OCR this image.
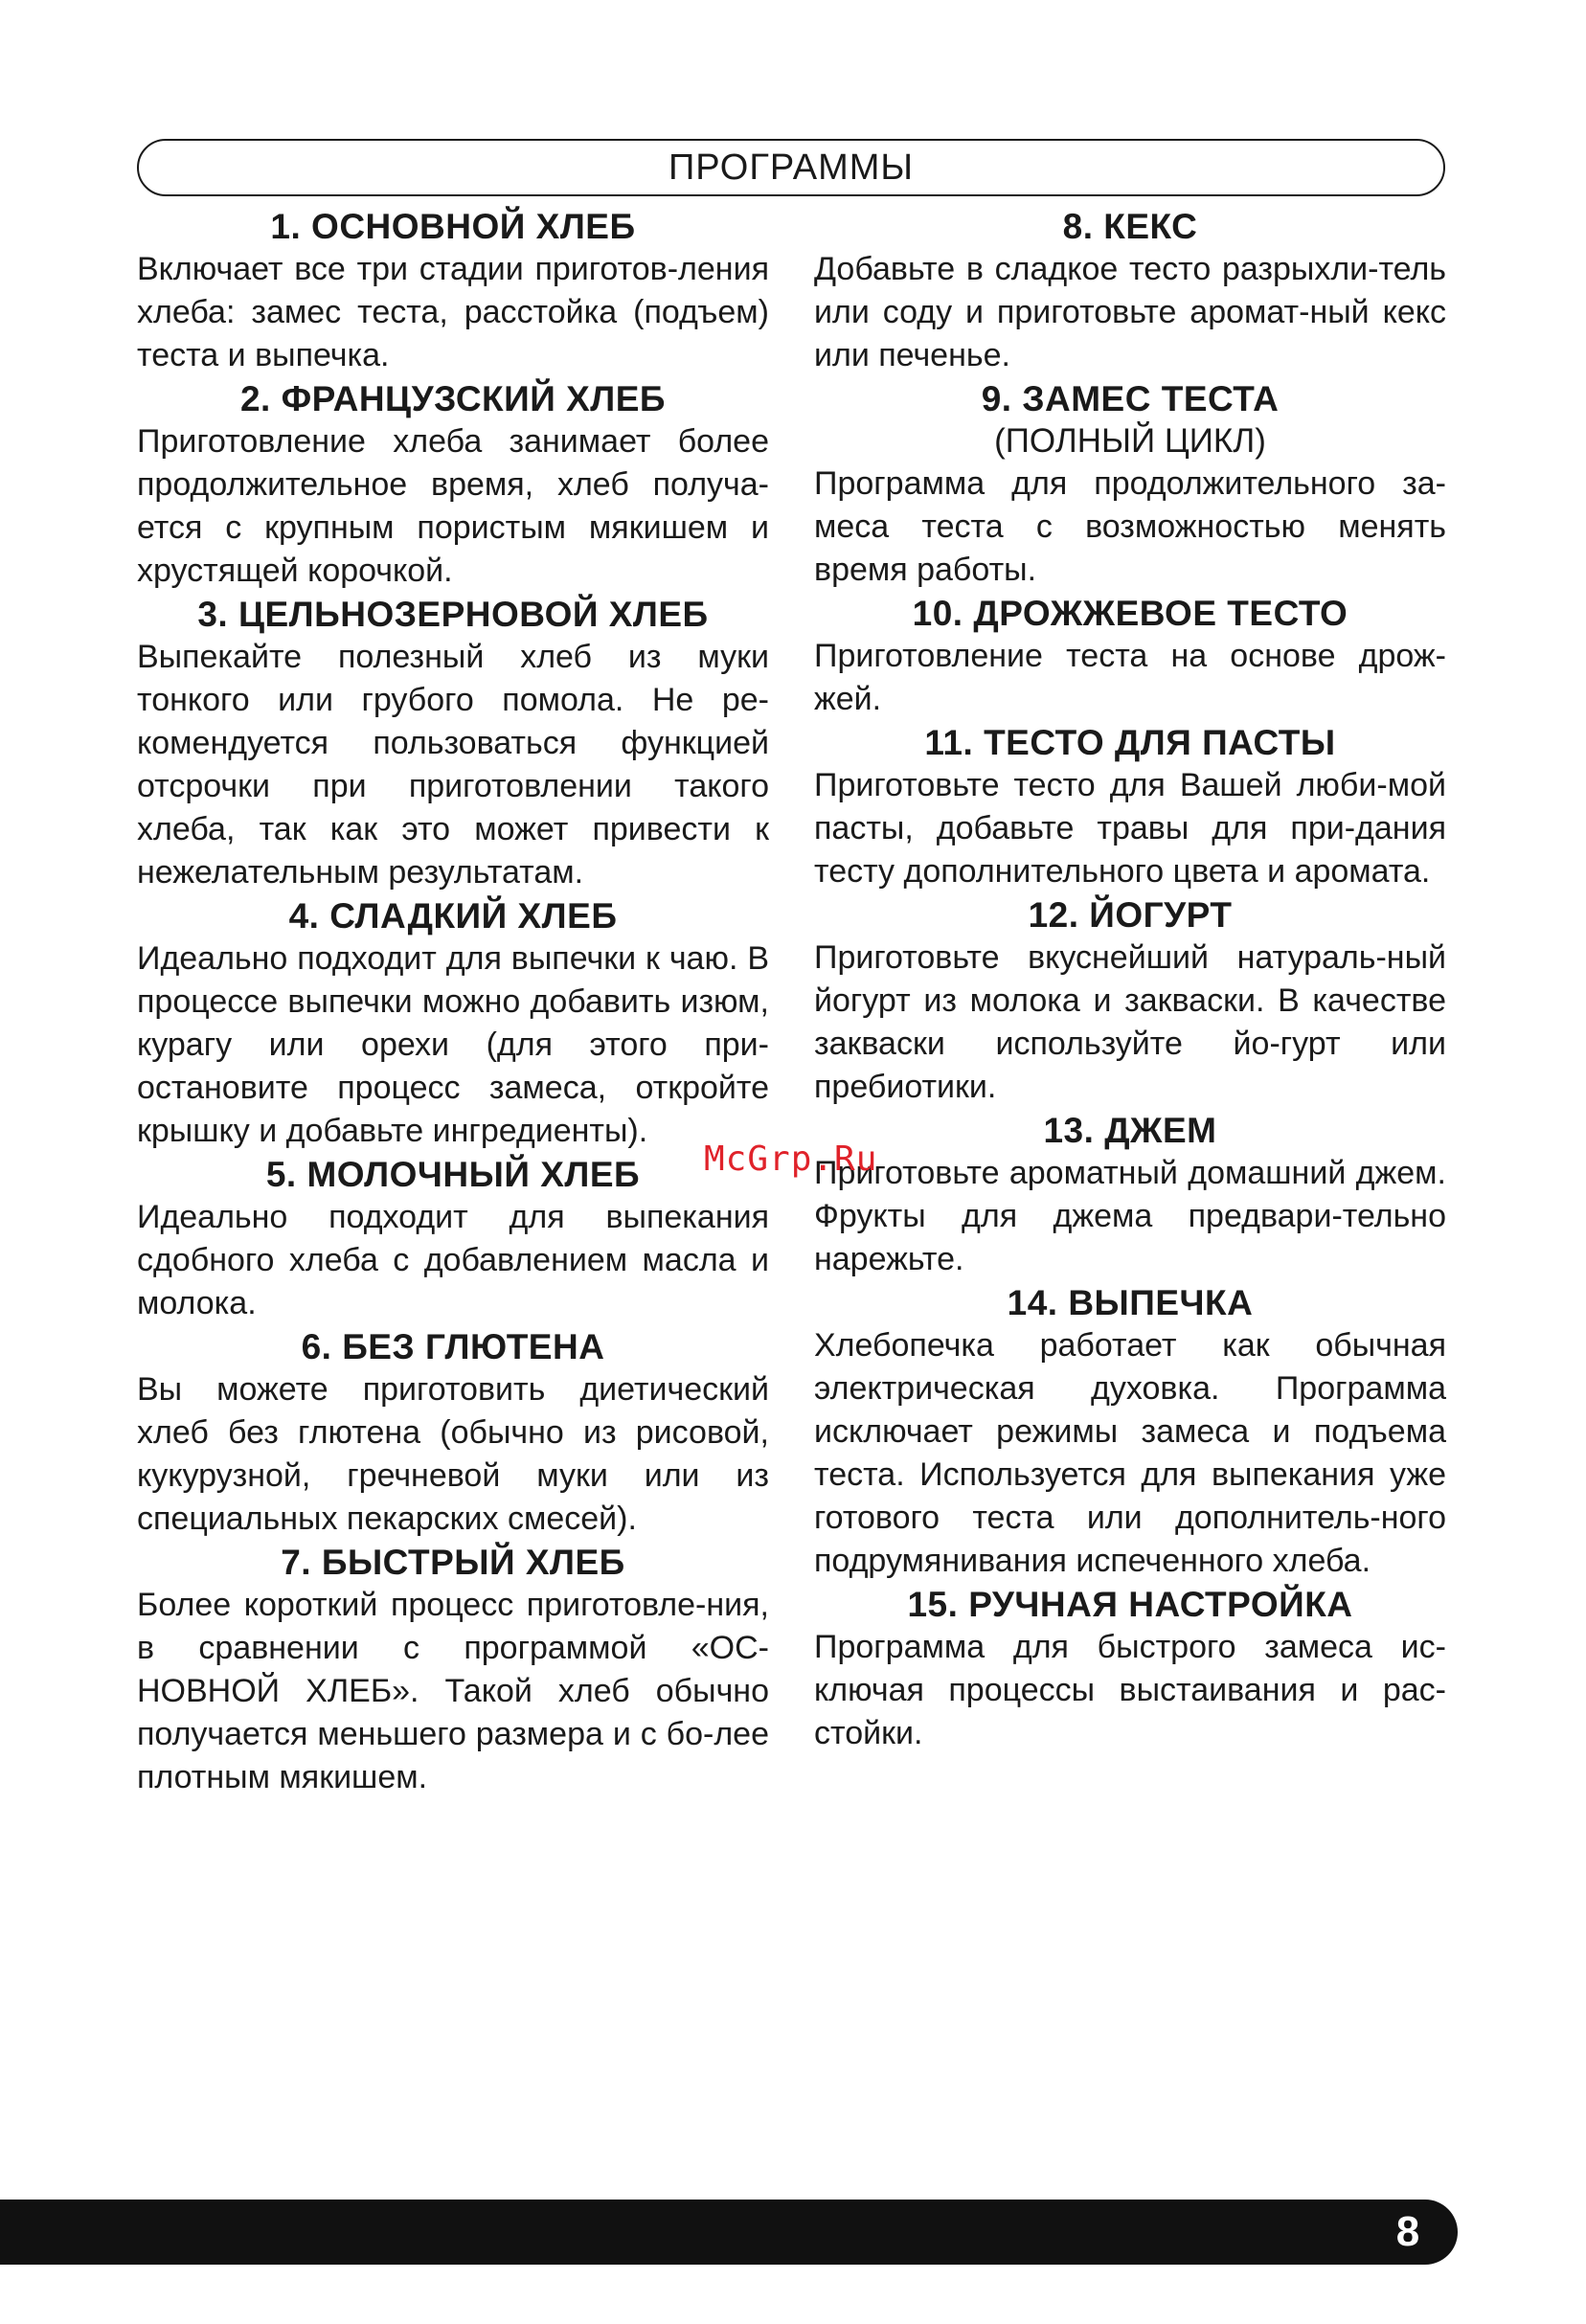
ПРОГРАММЫ
1. ОСНОВНОЙ ХЛЕБ

Включает все три стадии приготов-ления хлеба: замес теста, расстойка (подъем) теста и выпечка.

2. ФРАНЦУЗСКИЙ ХЛЕБ

Приготовление хлеба занимает более продолжительное время, хлеб получа-ется с крупным пористым мякишем и хрустящей корочкой.

3. ЦЕЛЬНОЗЕРНОВОЙ ХЛЕБ

Выпекайте полезный хлеб из муки тонкого или грубого помола. Не ре-комендуется пользоваться функцией отсрочки при приготовлении такого хлеба, так как это может привести к нежелательным результатам.

4. СЛАДКИЙ ХЛЕБ

Идеально подходит для выпечки к чаю. В процессе выпечки можно добавить изюм, курагу или орехи (для этого при-остановите процесс замеса, откройте крышку и добавьте ингредиенты).

5. МОЛОЧНЫЙ ХЛЕБ

Идеально подходит для выпекания сдобного хлеба с добавлением масла и молока.

6. БЕЗ ГЛЮТЕНА

Вы можете приготовить диетический хлеб без глютена (обычно из рисовой, кукурузной, гречневой муки или из специальных пекарских смесей).

7. БЫСТРЫЙ ХЛЕБ

Более короткий процесс приготовле-ния, в сравнении с программой «ОС-НОВНОЙ ХЛЕБ». Такой хлеб обычно получается меньшего размера и с бо-лее плотным мякишем.

8. КЕКС

Добавьте в сладкое тесто разрыхли-тель или соду и приготовьте аромат-ный кекс или печенье.

9. ЗАМЕС ТЕСТА

(ПОЛНЫЙ ЦИКЛ)

Программа для продолжительного за-меса теста с возможностью менять время работы.

10. ДРОЖЖЕВОЕ ТЕСТО

Приготовление теста на основе дрож-жей.

11. ТЕСТО ДЛЯ ПАСТЫ

Приготовьте тесто для Вашей люби-мой пасты, добавьте травы для при-дания тесту дополнительного цвета и аромата.

12. ЙОГУРТ

Приготовьте вкуснейший натураль-ный йогурт из молока и закваски. В качестве закваски используйте йо-гурт или пребиотики.

13. ДЖЕМ

Приготовьте ароматный домашний джем. Фрукты для джема предвари-тельно нарежьте.

14. ВЫПЕЧКА

Хлебопечка работает как обычная электрическая духовка. Программа исключает режимы замеса и подъема теста. Используется для выпекания уже готового теста или дополнитель-ного подрумянивания испеченного хлеба.

15. РУЧНАЯ НАСТРОЙКА

Программа для быстрого замеса ис-ключая процессы выстаивания и рас-стойки.

McGrp.Ru
8
